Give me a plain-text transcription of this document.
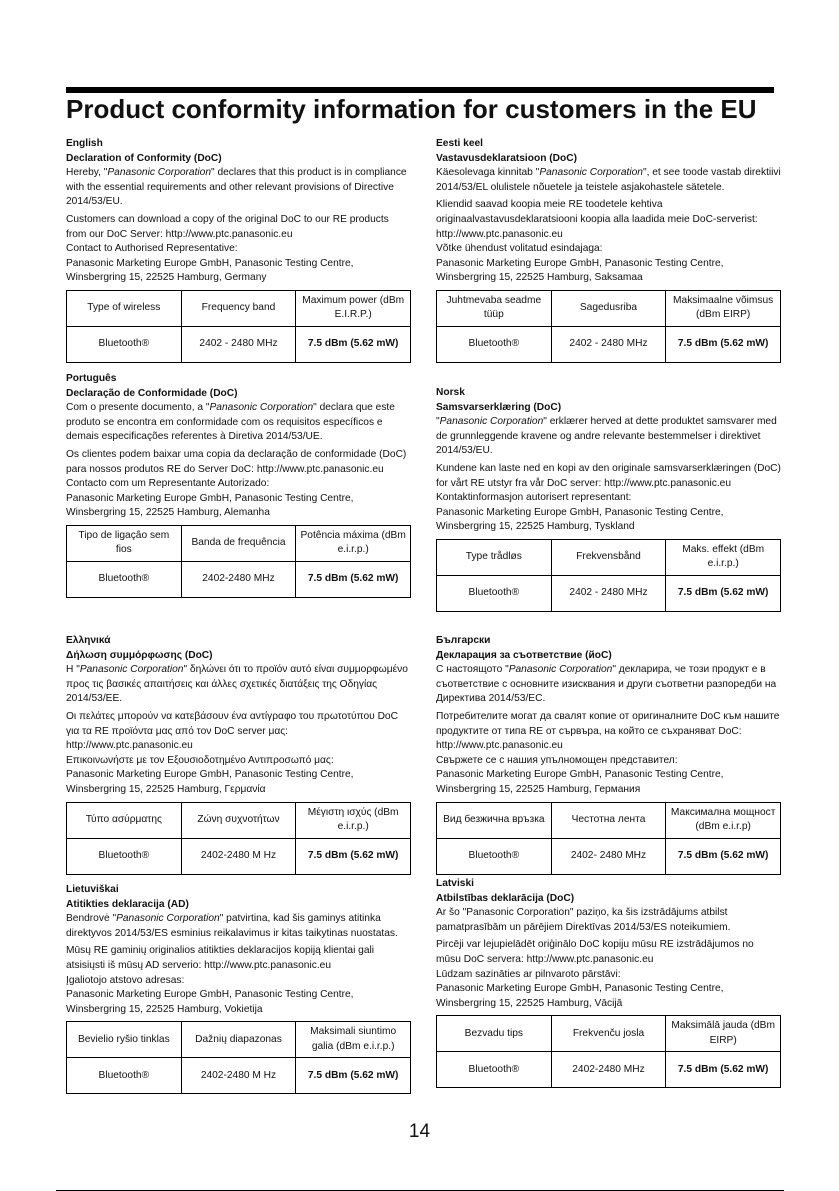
Product conformity information for customers in the EU
English
Declaration of Conformity (DoC)

Hereby, "Panasonic Corporation" declares that this product is in compliance with the essential requirements and other relevant provisions of Directive 2014/53/EU.

Customers can download a copy of the original DoC to our RE products from our DoC Server: http://www.ptc.panasonic.eu

Contact to Authorised Representative:

Panasonic Marketing Europe GmbH, Panasonic Testing Centre, Winsbergring 15, 22525 Hamburg, Germany

Type of wireless	Frequency band	Maximum power (dBm E.I.R.P.)
Bluetooth®	2402 - 2480 MHz	7.5 dBm (5.62 mW)
Eesti keel
Vastavusdeklaratsioon (DoC)

Käesolevaga kinnitab "Panasonic Corporation", et see toode vastab direktiivi 2014/53/EL olulistele nõuetele ja teistele asjakohastele sätetele.

Kliendid saavad koopia meie RE toodetele kehtiva originaalvastavusdeklaratsiooni koopia alla laadida meie DoC-serverist: http://www.ptc.panasonic.eu

Võtke ühendust volitatud esindajaga:

Panasonic Marketing Europe GmbH, Panasonic Testing Centre, Winsbergring 15, 22525 Hamburg, Saksamaa

Juhtmevaba seadme tüüp	Sagedusriba	Maksimaalne võimsus (dBm EIRP)
Bluetooth®	2402 - 2480 MHz	7.5 dBm (5.62 mW)
Português
Declaração de Conformidade (DoC)

Com o presente documento, a "Panasonic Corporation" declara que este produto se encontra em conformidade com os requisitos específicos e demais especificações referentes à Diretiva 2014/53/UE.

Os clientes podem baixar uma copia da declaração de conformidade (DoC) para nossos produtos RE do Server DoC: http://www.ptc.panasonic.eu

Contacto com um Representante Autorizado:

Panasonic Marketing Europe GmbH, Panasonic Testing Centre, Winsbergring 15, 22525 Hamburg, Alemanha

Tipo de ligaçâo sem fios	Banda de frequência	Potência máxima (dBm e.i.r.p.)
Bluetooth®	2402-2480 MHz	7.5 dBm (5.62 mW)
Norsk
Samsvarserklæring (DoC)

"Panasonic Corporation" erklærer herved at dette produktet samsvarer med de grunnleggende kravene og andre relevante bestemmelser i direktivet 2014/53/EU.

Kundene kan laste ned en kopi av den originale samsvarserklæringen (DoC) for vårt RE utstyr fra vår DoC server: http://www.ptc.panasonic.eu

Kontaktinformasjon autorisert representant:

Panasonic Marketing Europe GmbH, Panasonic Testing Centre, Winsbergring 15, 22525 Hamburg, Tyskland

Type trådløs	Frekvensbånd	Maks. effekt (dBm e.i.r.p.)
Bluetooth®	2402 - 2480 MHz	7.5 dBm (5.62 mW)
Ελληνικά
Δήλωση συμμόρφωσης (DoC)

Η "Panasonic Corporation" δηλώνει ότι το προϊόν αυτό είναι συμμορφωμένο προς τις βασικές απαιτήσεις και άλλες σχετικές διατάξεις της Οδηγίας 2014/53/ΕΕ.

Οι πελάτες μπορούν να κατεβάσουν ένα αντίγραφο του πρωτοτύπου DoC για τα RE προϊόντα μας από τον DoC server μας: http://www.ptc.panasonic.eu

Επικοινωνήστε με τον Εξουσιοδοτημένο Αντιπροσωπό μας:

Panasonic Marketing Europe GmbH, Panasonic Testing Centre, Winsbergring 15, 22525 Hamburg, Γερμανία

Τύπο ασύρματης	Ζώνη συχνοτήτων	Μέγιστη ισχύς (dBm e.i.r.p.)
Bluetooth®	2402-2480 M Hz	7.5 dBm (5.62 mW)
Български
Декларация за съответствие (йоС)

С настоящото "Panasonic Corporation" декларира, че този продукт е в съответствие с основните изисквания и други съответни разпоредби на Директива 2014/53/ЕС.

Потребителите могат да свалят копие от оригиналните DoC към нашите продуктите от типа RE от сървъра, на който се съхраняват DoC: http://www.ptc.panasonic.eu

Свържете се с нашия упълномощен представител:

Panasonic Marketing Europe GmbH, Panasonic Testing Centre, Winsbergring 15, 22525 Hamburg, Германия

Вид безжична връзка	Честотна лента	Максимална мощност (dBm e.i.r.p)
Bluetooth®	2402- 2480 MHz	7.5 dBm (5.62 mW)
Lietuviškai
Atitikties deklaracija (AD)

Bendrovė "Panasonic Corporation" patvirtina, kad šis gaminys atitinka direktyvos 2014/53/ES esminius reikalavimus ir kitas taikytinas nuostatas.

Mūsų RE gaminių originalios atitikties deklaracijos kopiją klientai gali atsisiųsti iš mūsų AD serverio: http://www.ptc.panasonic.eu

Įgaliotojo atstovo adresas:

Panasonic Marketing Europe GmbH, Panasonic Testing Centre, Winsbergring 15, 22525 Hamburg, Vokietija

Bevielio ryšio tinklas	Dažnių diapazonas	Maksimali siuntimo galia (dBm e.i.r.p.)
Bluetooth®	2402-2480 M Hz	7.5 dBm (5.62 mW)
Latviski
Atbilstības deklarācija (DoC)

Ar šo "Panasonic Corporation" paziņo, ka šis izstrādājums atbilst pamatprasībām un pārējiem Direktīvas 2014/53/ES noteikumiem.

Pircēji var lejupielādēt oriģinālo DoC kopiju mūsu RE izstrādājumos no mūsu DoC servera: http://www.ptc.panasonic.eu

Lūdzam sazināties ar pilnvaroto pārstāvi:

Panasonic Marketing Europe GmbH, Panasonic Testing Centre, Winsbergring 15, 22525 Hamburg, Vācijā

Bezvadu tips	Frekvenču josla	Maksimālā jauda (dBm EIRP)
Bluetooth®	2402-2480 MHz	7.5 dBm (5.62 mW)
14
